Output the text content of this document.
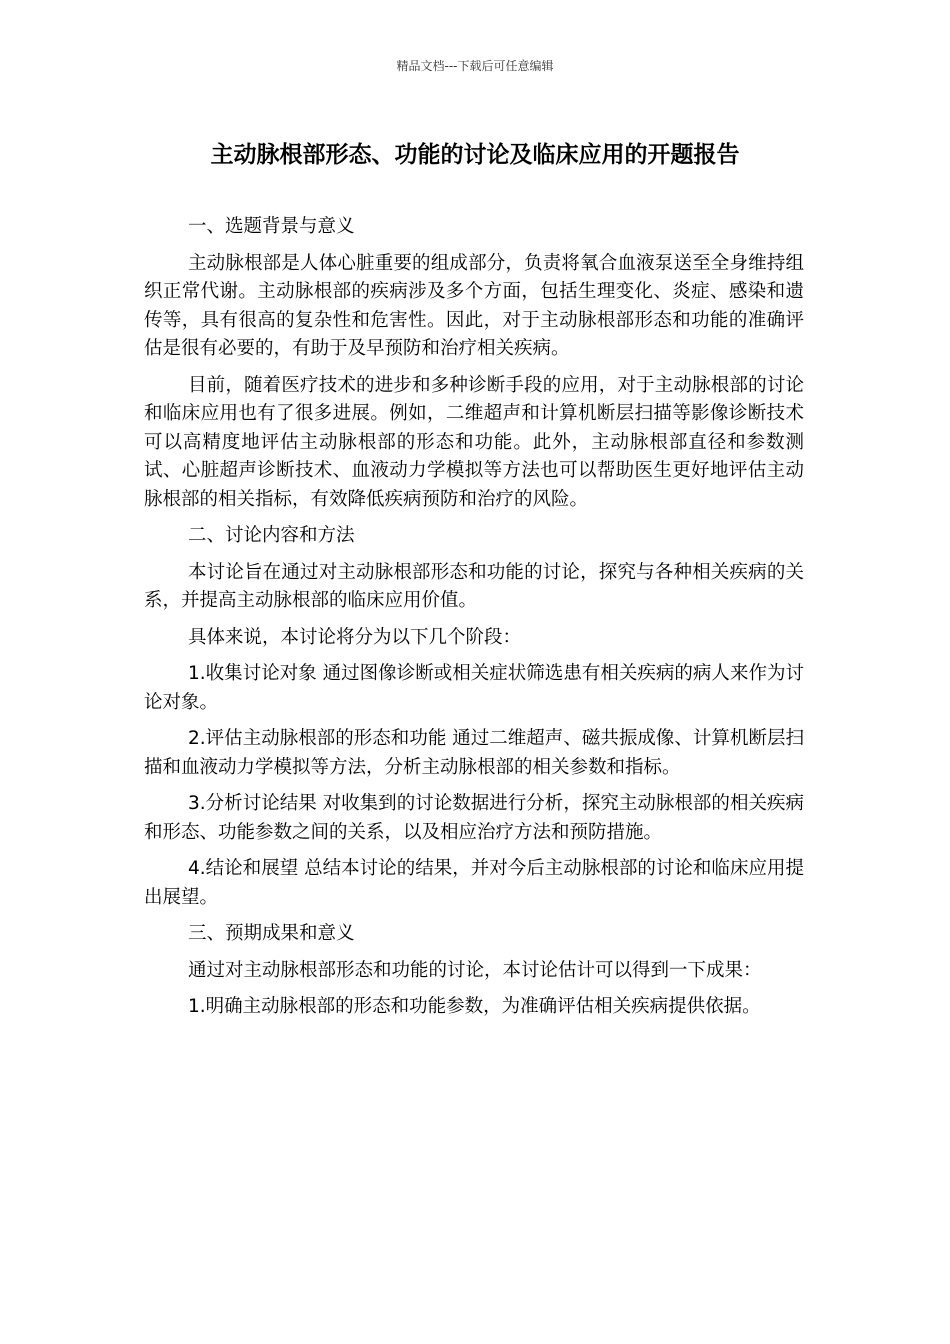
精品文档---下载后可任意编辑
主动脉根部形态、功能的讨论及临床应用的开题报告

一、选题背景与意义

主动脉根部是人体心脏重要的组成部分，负责将氧合血液泵送至全身维持组织正常代谢。主动脉根部的疾病涉及多个方面，包括生理变化、炎症、感染和遗传等，具有很高的复杂性和危害性。因此，对于主动脉根部形态和功能的准确评估是很有必要的，有助于及早预防和治疗相关疾病。

目前，随着医疗技术的进步和多种诊断手段的应用，对于主动脉根部的讨论和临床应用也有了很多进展。例如，二维超声和计算机断层扫描等影像诊断技术可以高精度地评估主动脉根部的形态和功能。此外，主动脉根部直径和参数测试、心脏超声诊断技术、血液动力学模拟等方法也可以帮助医生更好地评估主动脉根部的相关指标，有效降低疾病预防和治疗的风险。

二、讨论内容和方法

本讨论旨在通过对主动脉根部形态和功能的讨论，探究与各种相关疾病的关系，并提高主动脉根部的临床应用价值。

具体来说，本讨论将分为以下几个阶段：

1.收集讨论对象 通过图像诊断或相关症状筛选患有相关疾病的病人来作为讨论对象。

2.评估主动脉根部的形态和功能 通过二维超声、磁共振成像、计算机断层扫描和血液动力学模拟等方法，分析主动脉根部的相关参数和指标。

3.分析讨论结果 对收集到的讨论数据进行分析，探究主动脉根部的相关疾病和形态、功能参数之间的关系，以及相应治疗方法和预防措施。

4.结论和展望 总结本讨论的结果，并对今后主动脉根部的讨论和临床应用提出展望。

三、预期成果和意义

通过对主动脉根部形态和功能的讨论，本讨论估计可以得到一下成果：

1.明确主动脉根部的形态和功能参数，为准确评估相关疾病提供依据。
